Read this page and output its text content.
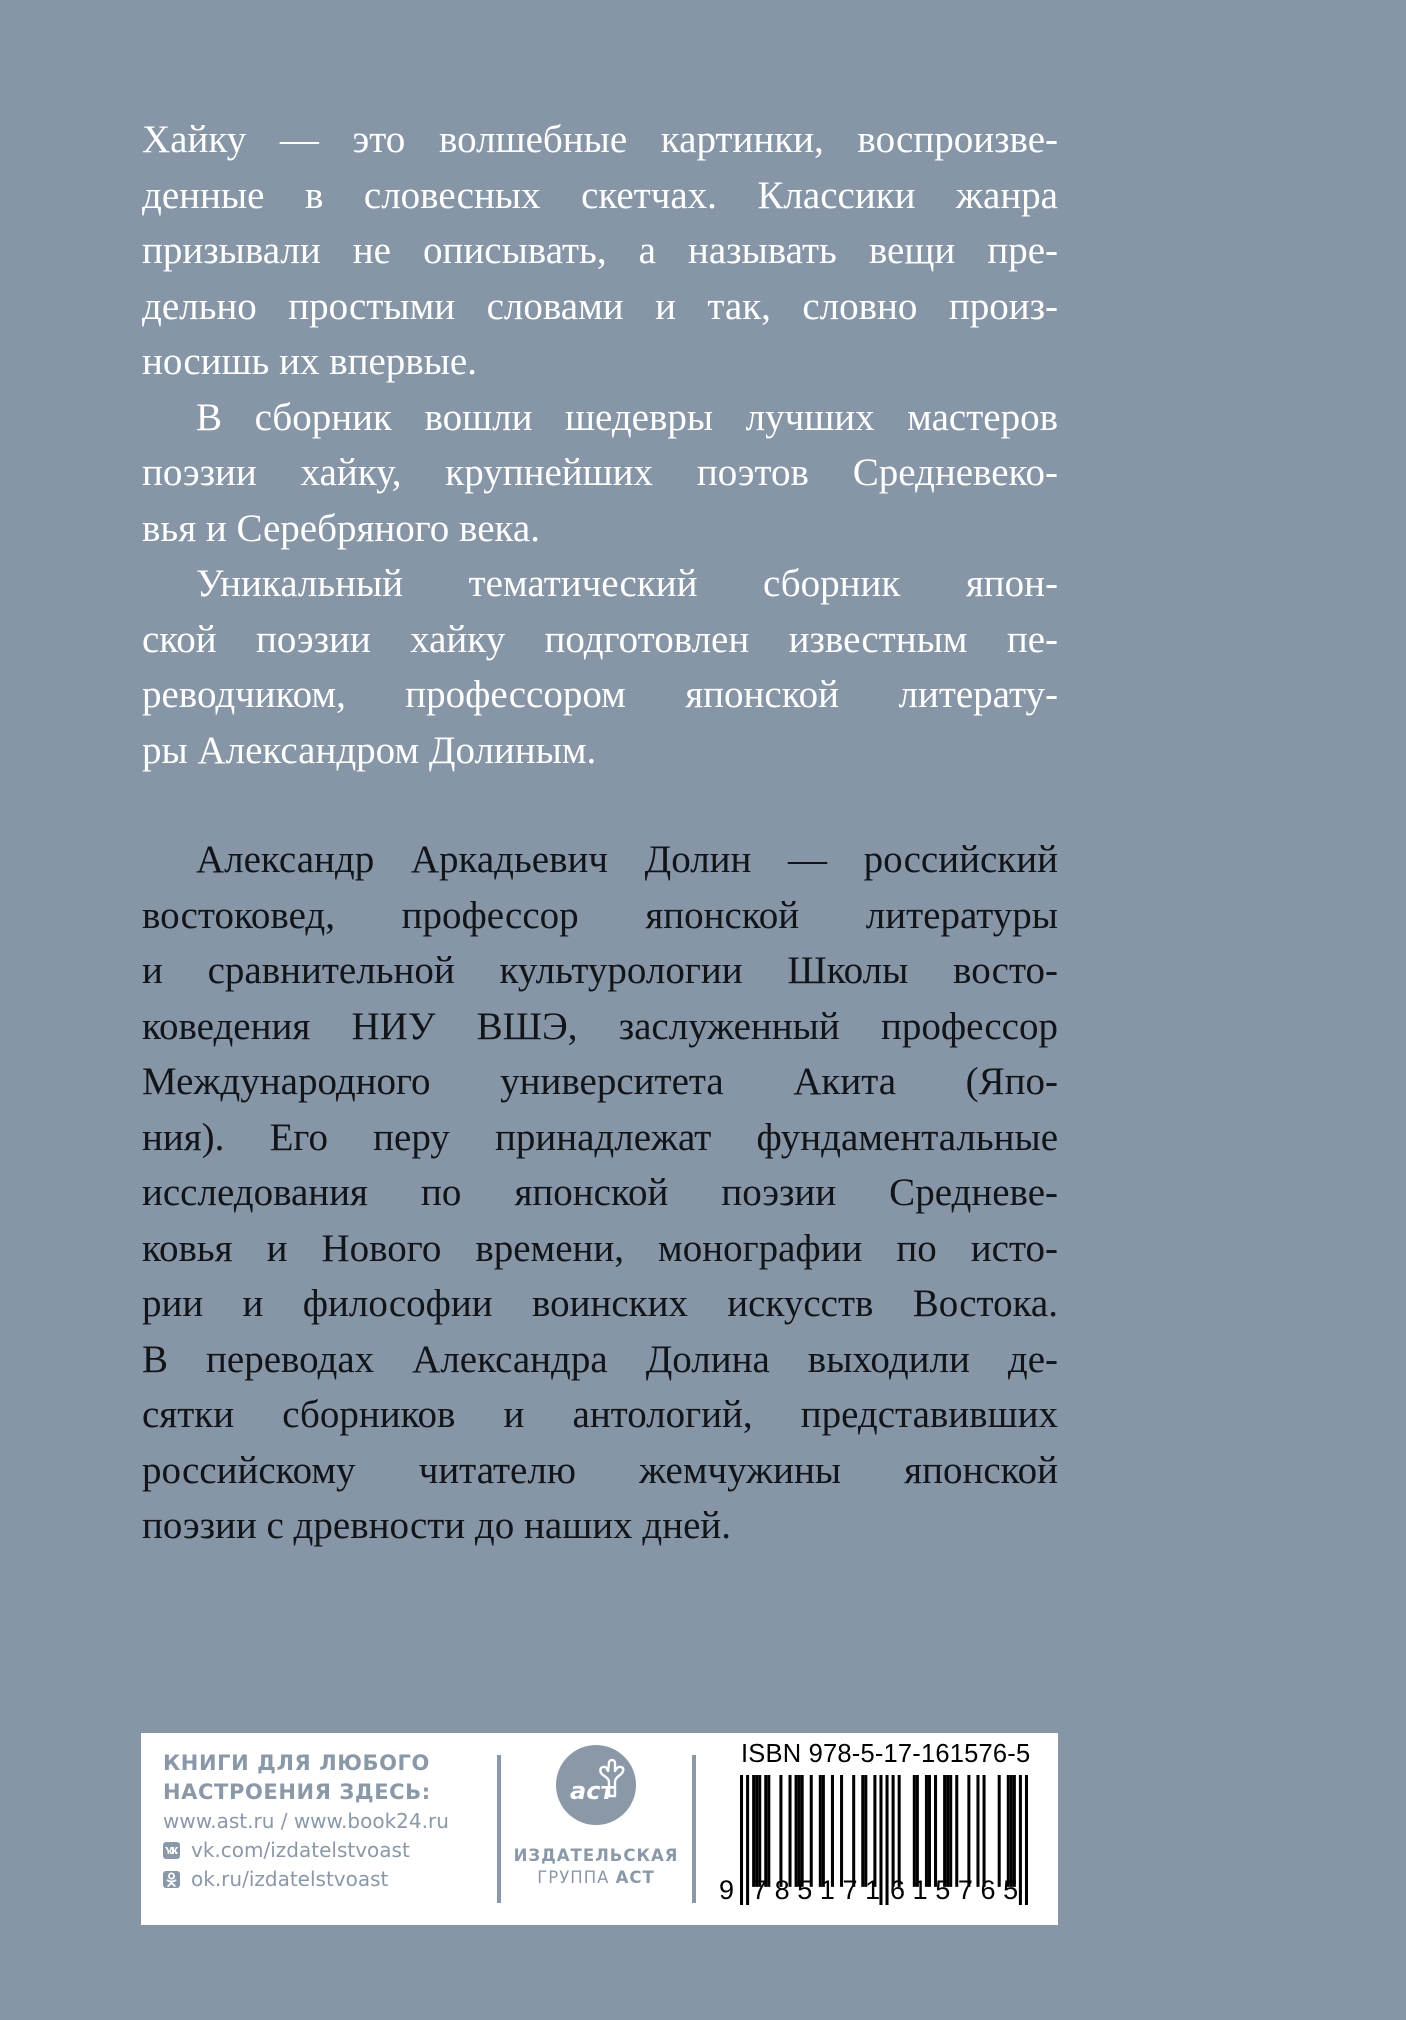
Хайку — это волшебные картинки, воспроизве-
денные в словесных скетчах. Классики жанра
призывали не описывать, а называть вещи пре-
дельно простыми словами и так, словно произ-
носишь их впервые.
В сборник вошли шедевры лучших мастеров
поэзии хайку, крупнейших поэтов Средневеко-
вья и Серебряного века.
Уникальный тематический сборник япон-
ской поэзии хайку подготовлен известным пе-
реводчиком, профессором японской литерату-
ры Александром Долиным.
Александр Аркадьевич Долин — российский
востоковед, профессор японской литературы
и сравнительной культурологии Школы восто-
коведения НИУ ВШЭ, заслуженный профессор
Международного университета Акита (Япо-
ния). Его перу принадлежат фундаментальные
исследования по японской поэзии Средневе-
ковья и Нового времени, монографии по исто-
рии и философии воинских искусств Востока.
В переводах Александра Долина выходили де-
сятки сборников и антологий, представивших
российскому читателю жемчужины японской
поэзии с древности до наших дней.
КНИГИ ДЛЯ ЛЮБОГО
НАСТРОЕНИЯ ЗДЕСЬ:
www.ast.ru / www.book24.ru
vk.com/izdatelstvoast
ok.ru/izdatelstvoast
аст
ИЗДАТЕЛЬСКАЯ
ГРУППА АСТ
ISBN 978-5-17-161576-5
9 785171 615765
